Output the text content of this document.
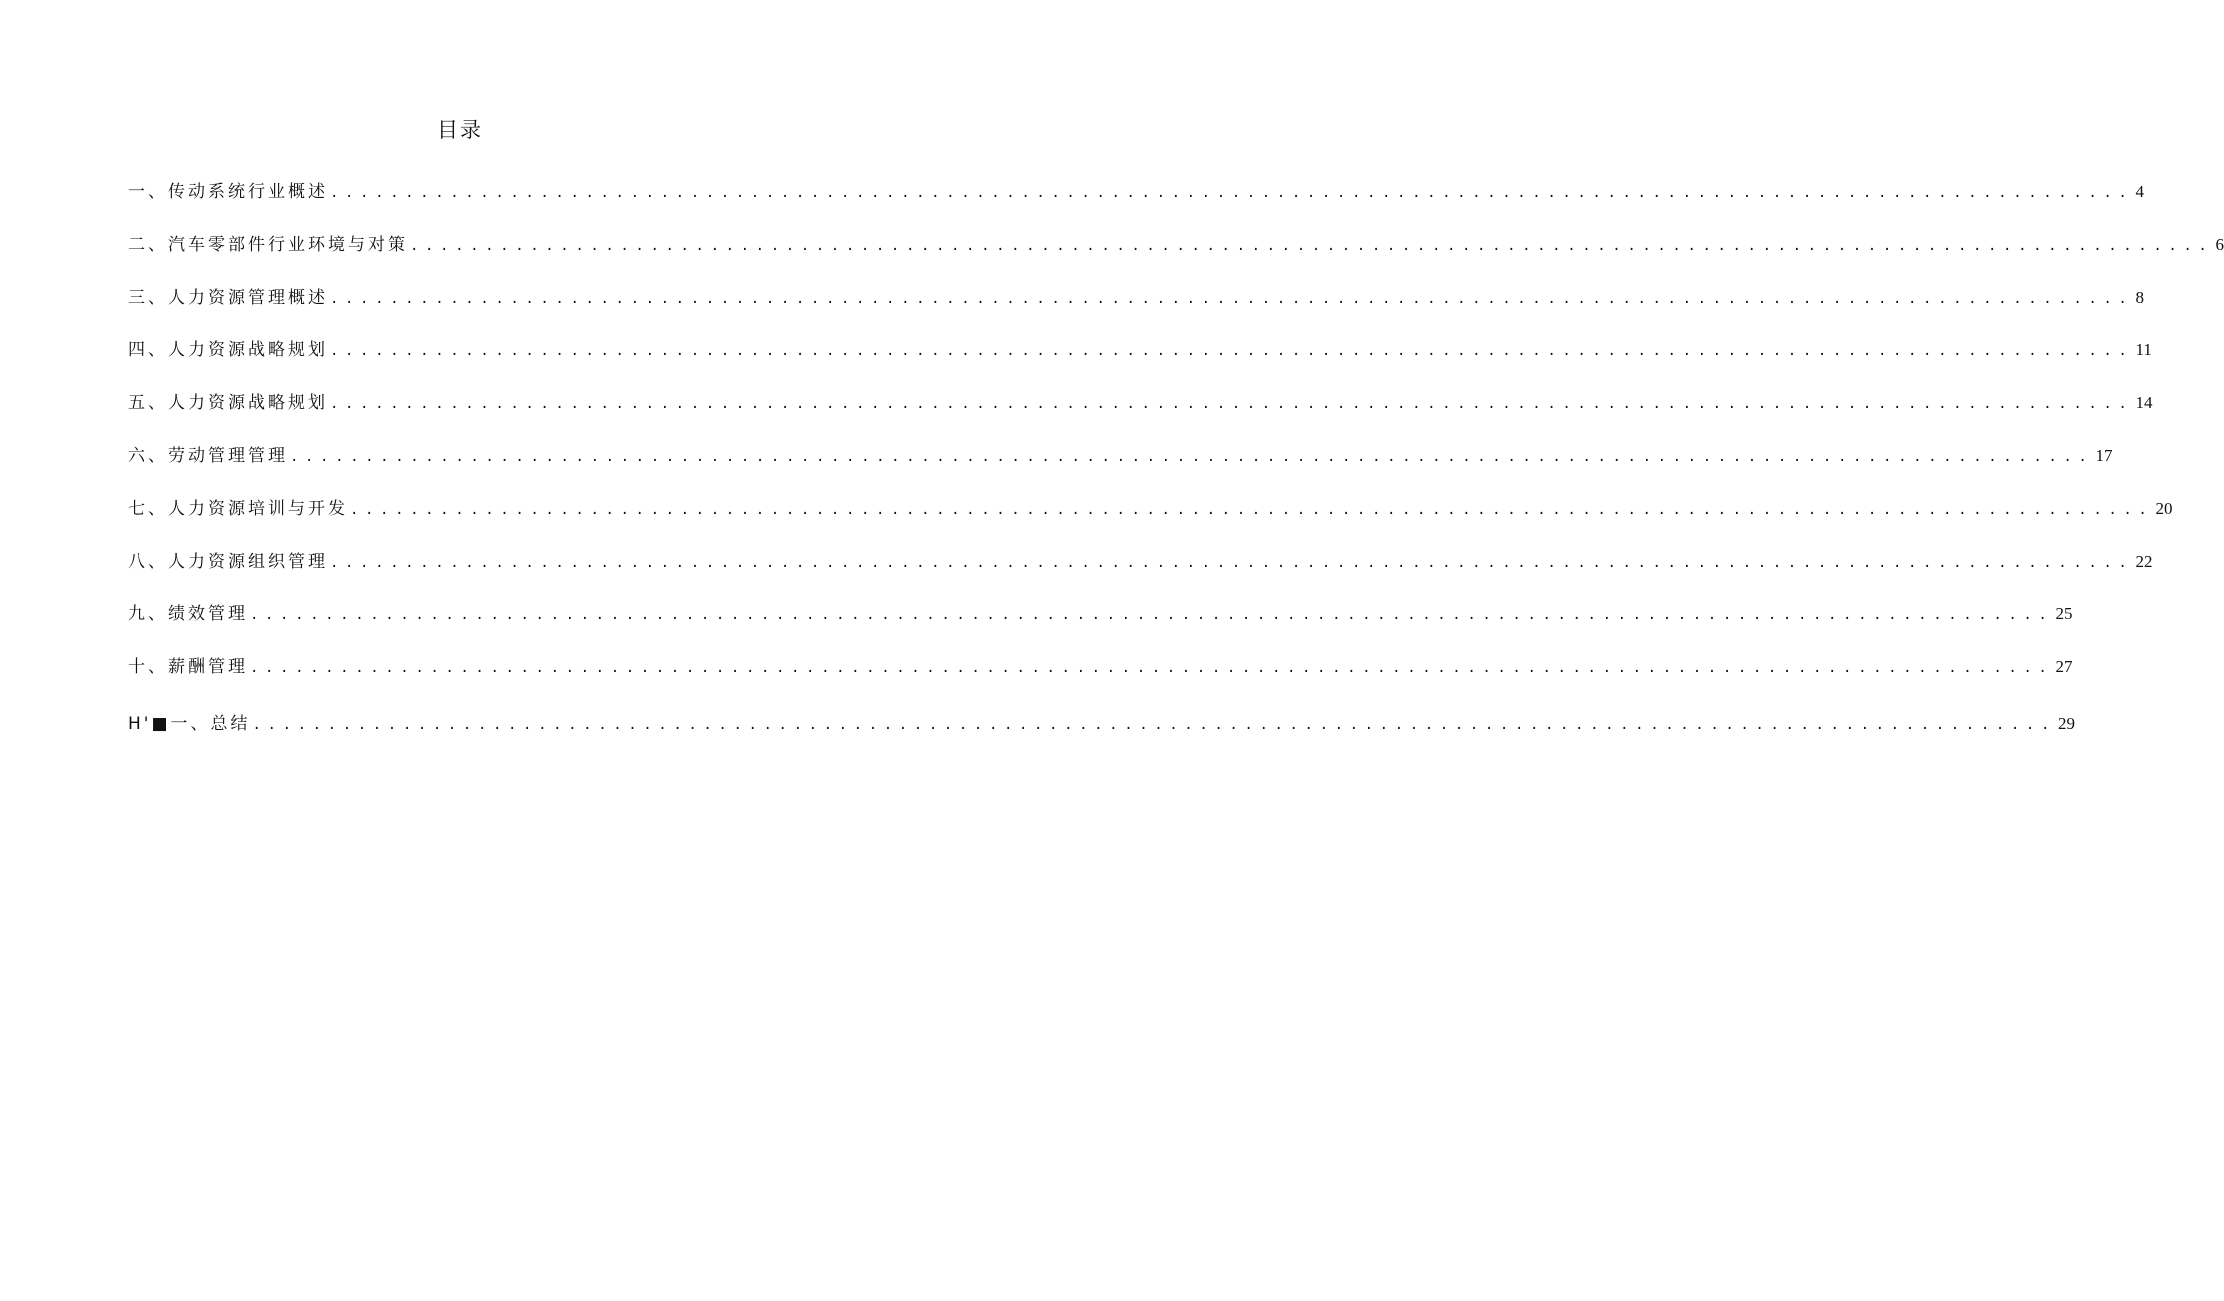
目录
一、传动系统行业概述 ........................................................................................................................ 4
二、汽车零部件行业环境与对策 ........................................................................................................................ 6
三、人力资源管理概述 ........................................................................................................................ 8
四、人力资源战略规划 ........................................................................................................................ 11
五、人力资源战略规划 ........................................................................................................................ 14
六、劳动管理管理 ........................................................................................................................ 17
七、人力资源培训与开发 ........................................................................................................................ 20
八、人力资源组织管理 ........................................................................................................................ 22
九、绩效管理 ........................................................................................................................ 25
十、薪酬管理 ........................................................................................................................ 27
H'■一、总结 ........................................................................................................................ 29
